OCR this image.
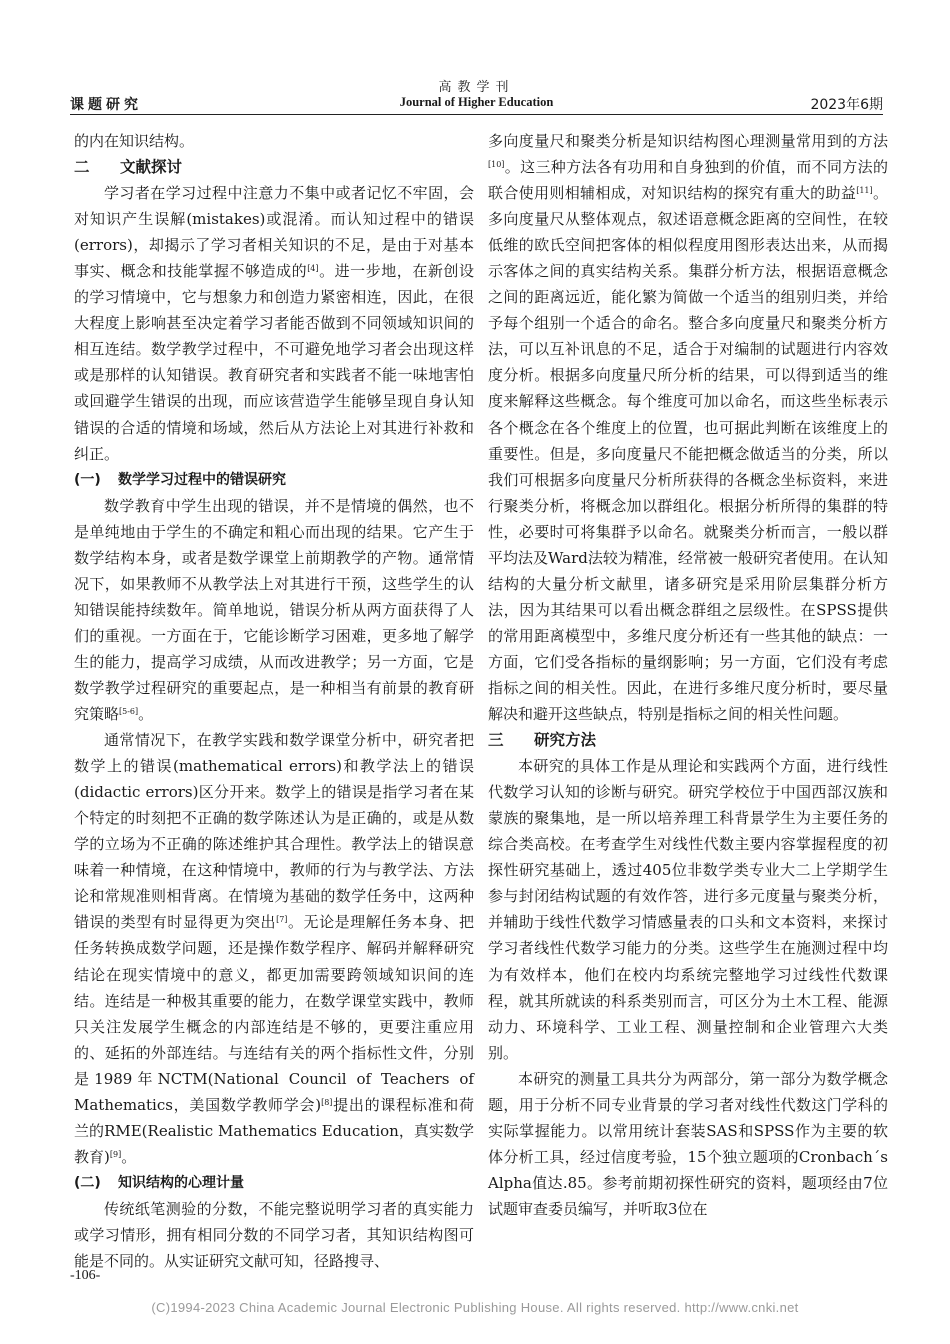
高教学刊
课题研究	Journal of Higher Education	2023年6期

的内在知识结构。

二 文献探讨

学习者在学习过程中注意力不集中或者记忆不牢固，会对知识产生误解(mistakes)或混淆。而认知过程中的错误(errors)，却揭示了学习者相关知识的不足，是由于对基本事实、概念和技能掌握不够造成的[4]。进一步地，在新创设的学习情境中，它与想象力和创造力紧密相连，因此，在很大程度上影响甚至决定着学习者能否做到不同领域知识间的相互连结。数学教学过程中，不可避免地学习者会出现这样或是那样的认知错误。教育研究者和实践者不能一味地害怕或回避学生错误的出现，而应该营造学生能够呈现自身认知错误的合适的情境和场域，然后从方法论上对其进行补救和纠正。

(一) 数学学习过程中的错误研究

数学教育中学生出现的错误，并不是情境的偶然，也不是单纯地由于学生的不确定和粗心而出现的结果。它产生于数学结构本身，或者是数学课堂上前期教学的产物。通常情况下，如果教师不从教学法上对其进行干预，这些学生的认知错误能持续数年。简单地说，错误分析从两方面获得了人们的重视。一方面在于，它能诊断学习困难，更多地了解学生的能力，提高学习成绩，从而改进教学；另一方面，它是数学教学过程研究的重要起点，是一种相当有前景的教育研究策略[5-6]。

通常情况下，在教学实践和数学课堂分析中，研究者把数学上的错误(mathematical errors)和教学法上的错误(didactic errors)区分开来。数学上的错误是指学习者在某个特定的时刻把不正确的数学陈述认为是正确的，或是从数学的立场为不正确的陈述维护其合理性。教学法上的错误意味着一种情境，在这种情境中，教师的行为与教学法、方法论和常规准则相背离。在情境为基础的数学任务中，这两种错误的类型有时显得更为突出[7]。无论是理解任务本身、把任务转换成数学问题，还是操作数学程序、解码并解释研究结论在现实情境中的意义，都更加需要跨领域知识间的连结。连结是一种极其重要的能力，在数学课堂实践中，教师只关注发展学生概念的内部连结是不够的，更要注重应用的、延拓的外部连结。与连结有关的两个指标性文件，分别是1989年NCTM(National Council of Teachers of Mathematics，美国数学教师学会)[8]提出的课程标准和荷兰的RME(Realistic Mathematics Education，真实数学教育)[9]。

(二) 知识结构的心理计量

传统纸笔测验的分数，不能完整说明学习者的真实能力或学习情形，拥有相同分数的不同学习者，其知识结构图可能是不同的。从实证研究文献可知，径路搜寻、

多向度量尺和聚类分析是知识结构图心理测量常用到的方法[10]。这三种方法各有功用和自身独到的价值，而不同方法的联合使用则相辅相成，对知识结构的探究有重大的助益[11]。多向度量尺从整体观点，叙述语意概念距离的空间性，在较低维的欧氏空间把客体的相似程度用图形表达出来，从而揭示客体之间的真实结构关系。集群分析方法，根据语意概念之间的距离远近，能化繁为简做一个适当的组别归类，并给予每个组别一个适合的命名。整合多向度量尺和聚类分析方法，可以互补讯息的不足，适合于对编制的试题进行内容效度分析。根据多向度量尺所分析的结果，可以得到适当的维度来解释这些概念。每个维度可加以命名，而这些坐标表示各个概念在各个维度上的位置，也可据此判断在该维度上的重要性。但是，多向度量尺不能把概念做适当的分类，所以我们可根据多向度量尺分析所获得的各概念坐标资料，来进行聚类分析，将概念加以群组化。根据分析所得的集群的特性，必要时可将集群予以命名。就聚类分析而言，一般以群平均法及Ward法较为精准，经常被一般研究者使用。在认知结构的大量分析文献里，诸多研究是采用阶层集群分析方法，因为其结果可以看出概念群组之层级性。在SPSS提供的常用距离模型中，多维尺度分析还有一些其他的缺点：一方面，它们受各指标的量纲影响；另一方面，它们没有考虑指标之间的相关性。因此，在进行多维尺度分析时，要尽量解决和避开这些缺点，特别是指标之间的相关性问题。

三 研究方法

本研究的具体工作是从理论和实践两个方面，进行线性代数学习认知的诊断与研究。研究学校位于中国西部汉族和蒙族的聚集地，是一所以培养理工科背景学生为主要任务的综合类高校。在考查学生对线性代数主要内容掌握程度的初探性研究基础上，透过405位非数学类专业大二上学期学生参与封闭结构试题的有效作答，进行多元度量与聚类分析，并辅助于线性代数学习情感量表的口头和文本资料，来探讨学习者线性代数学习能力的分类。这些学生在施测过程中均为有效样本，他们在校内均系统完整地学习过线性代数课程，就其所就读的科系类别而言，可区分为土木工程、能源动力、环境科学、工业工程、测量控制和企业管理六大类别。

本研究的测量工具共分为两部分，第一部分为数学概念题，用于分析不同专业背景的学习者对线性代数这门学科的实际掌握能力。以常用统计套装SAS和SPSS作为主要的软体分析工具，经过信度考验，15个独立题项的Cronbach´s Alpha值达.85。参考前期初探性研究的资料，题项经由7位试题审查委员编写，并听取3位在

-106-
(C)1994-2023 China Academic Journal Electronic Publishing House. All rights reserved. http://www.cnki.net
